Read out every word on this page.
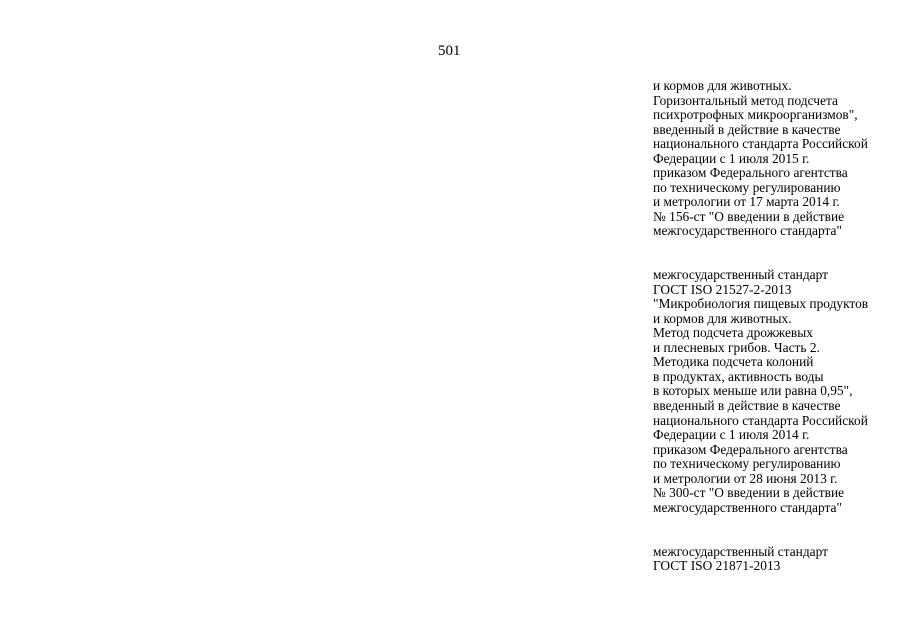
501
и кормов для животных.
Горизонтальный метод подсчета
психротрофных микроорганизмов",
введенный в действие в качестве
национального стандарта Российской
Федерации с 1 июля 2015 г.
приказом Федерального агентства
по техническому регулированию
и метрологии от 17 марта 2014 г.
№ 156-ст "О введении в действие
межгосударственного стандарта"
межгосударственный стандарт
ГОСТ ISO 21527-2-2013
"Микробиология пищевых продуктов
и кормов для животных.
Метод подсчета дрожжевых
и плесневых грибов. Часть 2.
Методика подсчета колоний
в продуктах, активность воды
в которых меньше или равна 0,95",
введенный в действие в качестве
национального стандарта Российской
Федерации с 1 июля 2014 г.
приказом Федерального агентства
по техническому регулированию
и метрологии от 28 июня 2013 г.
№ 300-ст "О введении в действие
межгосударственного стандарта"
межгосударственный стандарт
ГОСТ ISO 21871-2013
